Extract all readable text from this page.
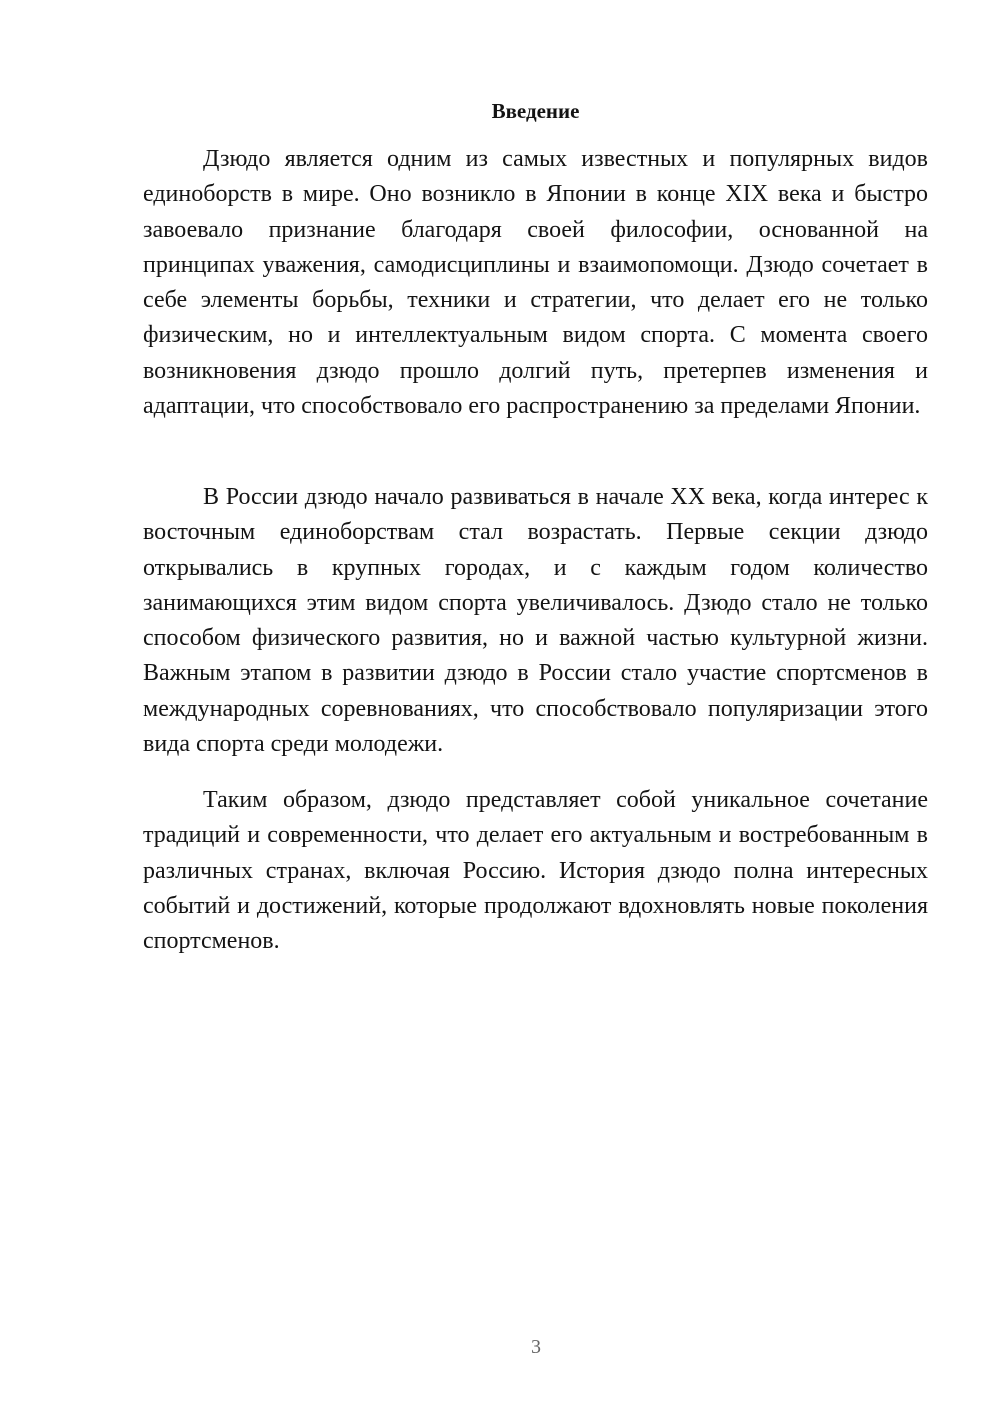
Введение

Дзюдо является одним из самых известных и популярных видов единоборств в мире. Оно возникло в Японии в конце XIX века и быстро завоевало признание благодаря своей философии, основанной на принципах уважения, самодисциплины и взаимопомощи. Дзюдо сочетает в себе элементы борьбы, техники и стратегии, что делает его не только физическим, но и интеллектуальным видом спорта. С момента своего возникновения дзюдо прошло долгий путь, претерпев изменения и адаптации, что способствовало его распространению за пределами Японии.

В России дзюдо начало развиваться в начале XX века, когда интерес к восточным единоборствам стал возрастать. Первые секции дзюдо открывались в крупных городах, и с каждым годом количество занимающихся этим видом спорта увеличивалось. Дзюдо стало не только способом физического развития, но и важной частью культурной жизни. Важным этапом в развитии дзюдо в России стало участие спортсменов в международных соревнованиях, что способствовало популяризации этого вида спорта среди молодежи.

Таким образом, дзюдо представляет собой уникальное сочетание традиций и современности, что делает его актуальным и востребованным в различных странах, включая Россию. История дзюдо полна интересных событий и достижений, которые продолжают вдохновлять новые поколения спортсменов.

3
